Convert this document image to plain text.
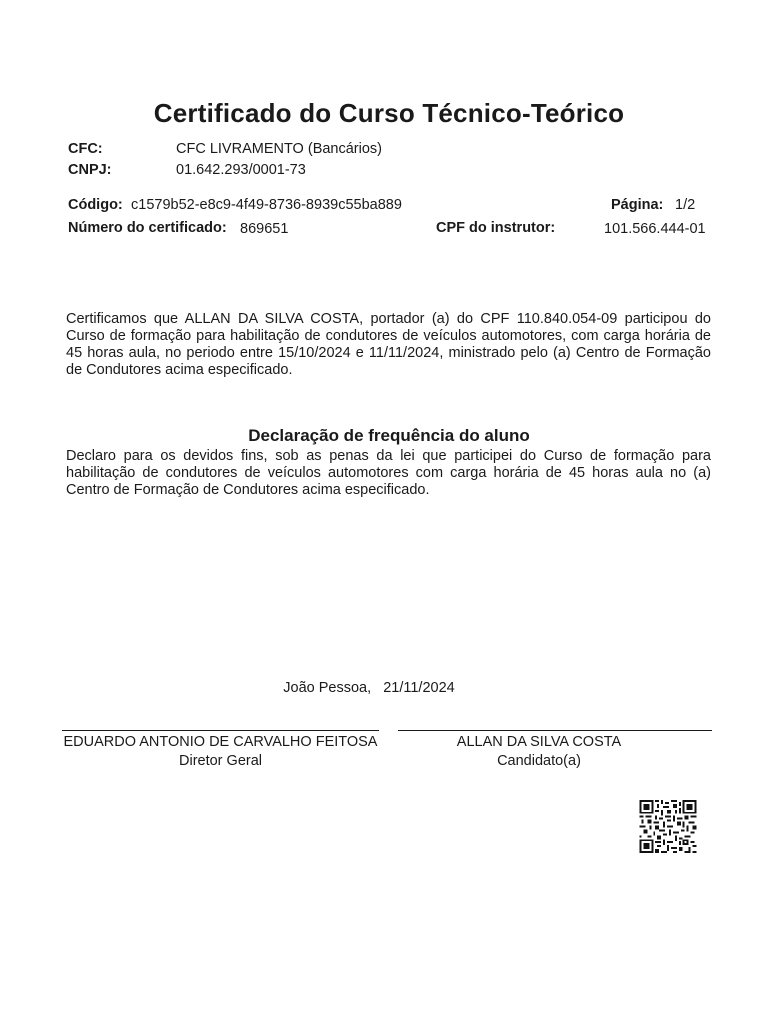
Certificado do Curso Técnico-Teórico
CFC:	CFC LIVRAMENTO (Bancários)
CNPJ:	01.642.293/0001-73
Código: c1579b52-e8c9-4f49-8736-8939c55ba889	Página: 1/2
Número do certificado: 869651	CPF do instrutor:	101.566.444-01
Certificamos que ALLAN DA SILVA COSTA, portador (a) do CPF 110.840.054-09 participou do Curso de formação para habilitação de condutores de veículos automotores, com carga horária de 45 horas aula, no periodo entre 15/10/2024 e 11/11/2024, ministrado pelo (a) Centro de Formação de Condutores acima especificado.
Declaração de frequência do aluno
Declaro para os devidos fins, sob as penas da lei que participei do Curso de formação para habilitação de condutores de veículos automotores com carga horária de 45 horas aula no (a) Centro de Formação de Condutores acima especificado.
João Pessoa,   21/11/2024
EDUARDO ANTONIO DE CARVALHO FEITOSA
Diretor Geral
ALLAN DA SILVA COSTA
Candidato(a)
